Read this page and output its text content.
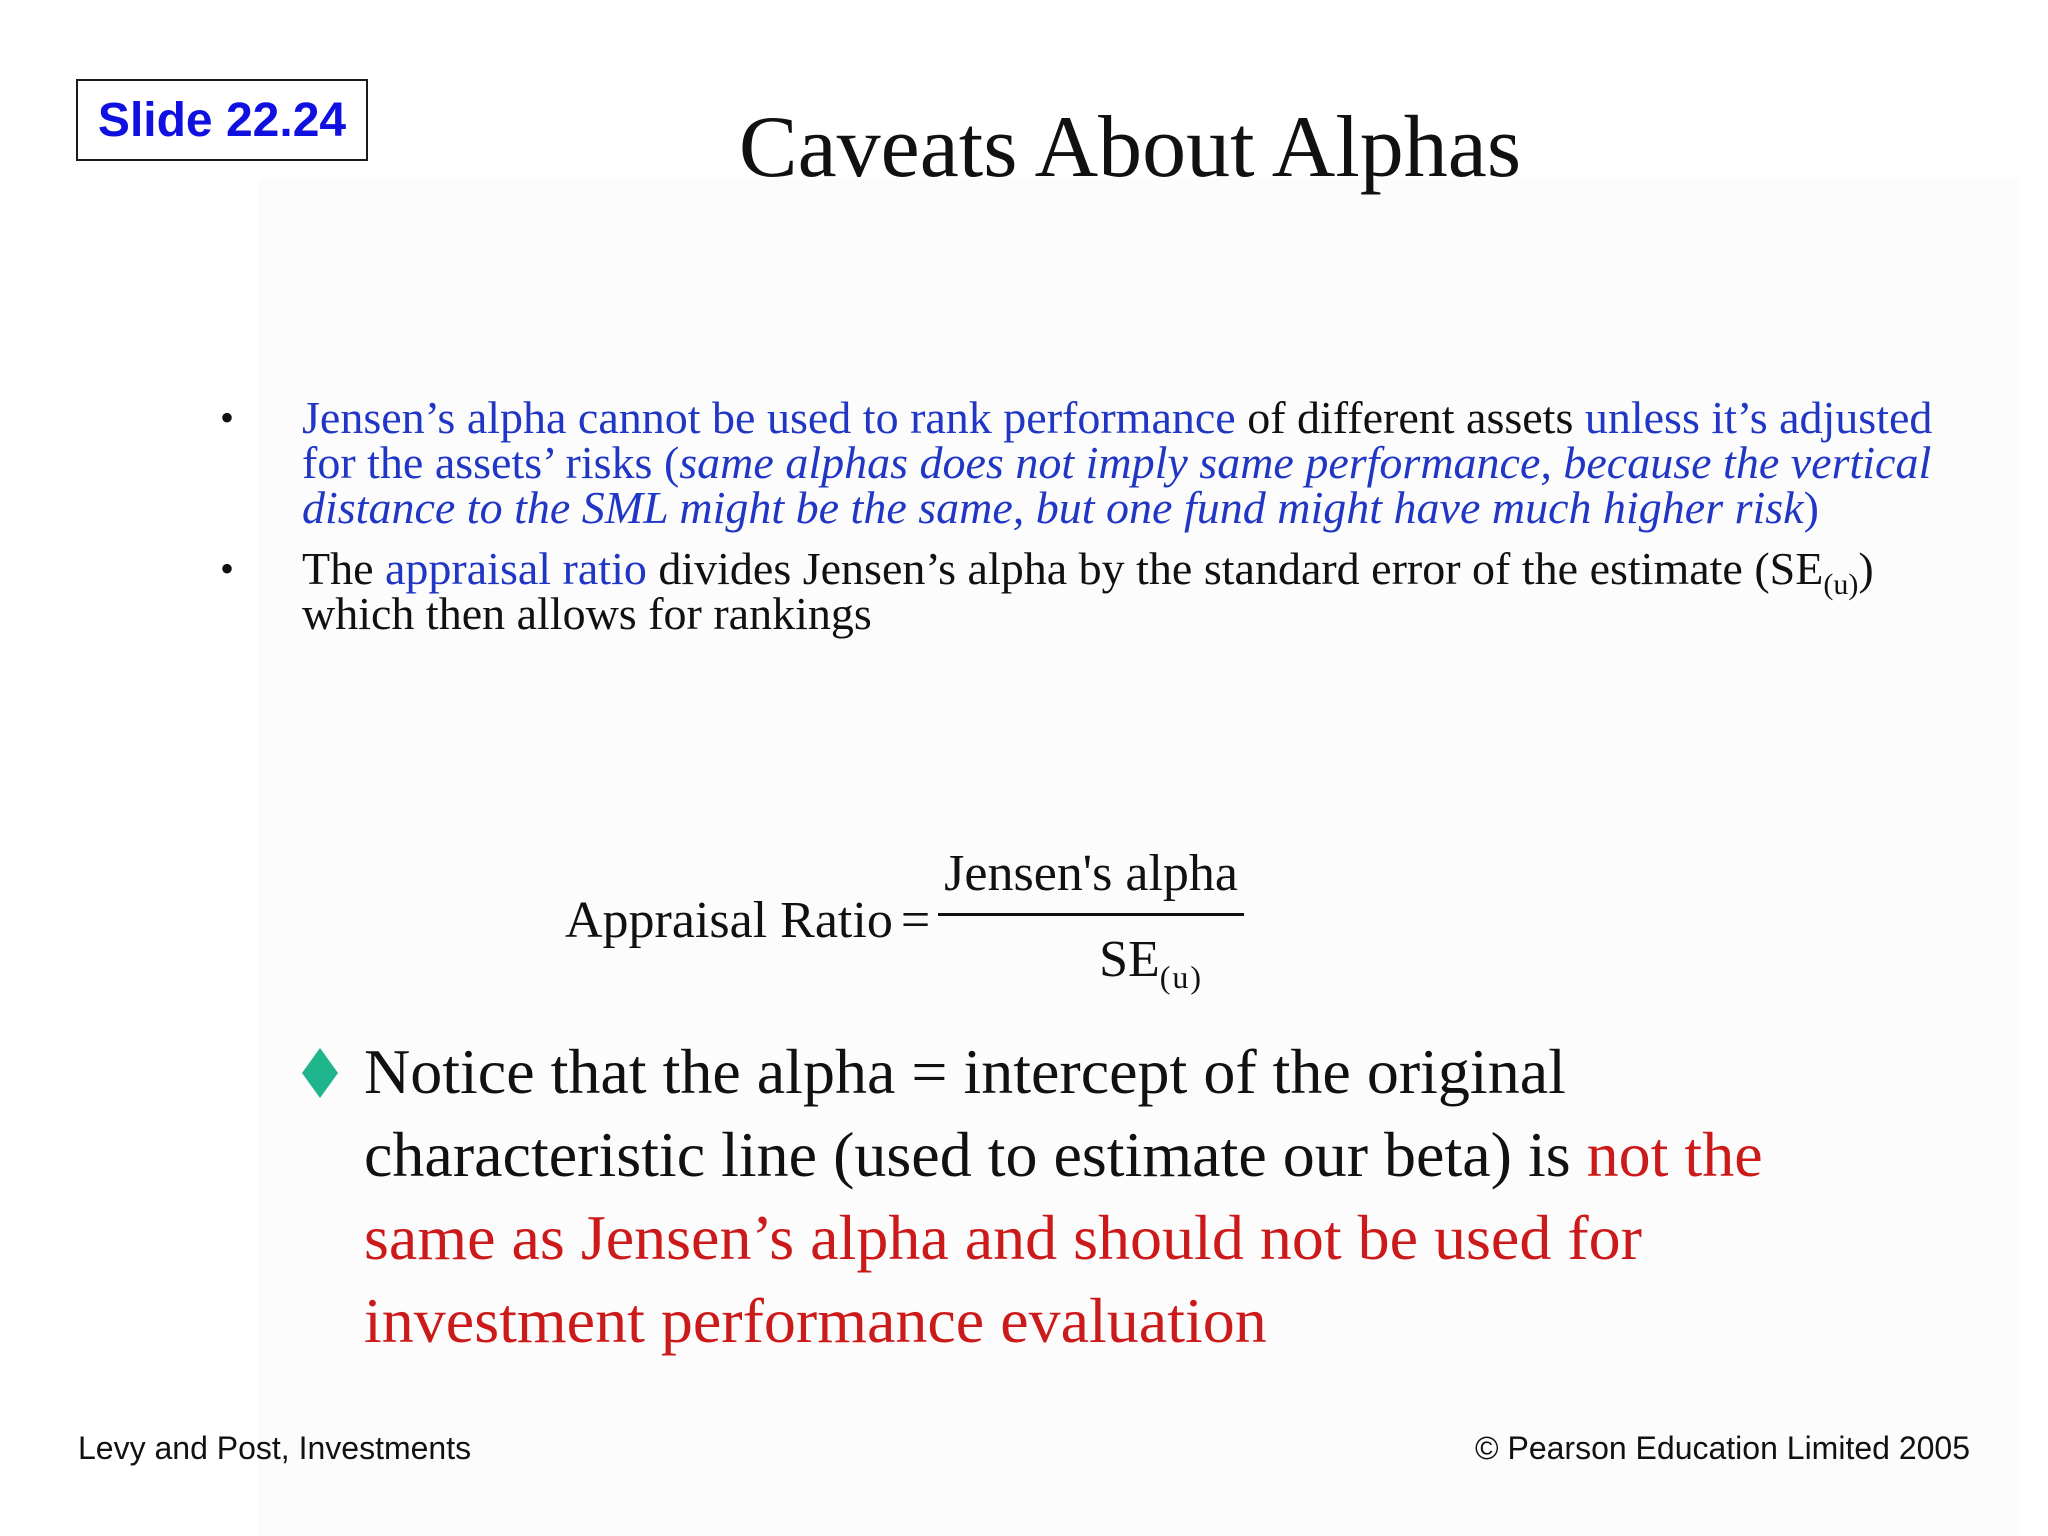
Slide 22.24	Caveats About Alphas
• Jensen’s alpha cannot be used to rank performance of different assets unless it’s adjusted for the assets’ risks (same alphas does not imply same performance, because the vertical distance to the SML might be the same, but one fund might have much higher risk)
• The appraisal ratio divides Jensen’s alpha by the standard error of the estimate $(SE_{(u)})$ which then allows for rankings
Appraisal Ratio = $\frac{\text{Jensen's alpha}}{SE_{(u)}}$
Notice that the alpha = intercept of the original characteristic line (used to estimate our beta) is not the same as Jensen’s alpha and should not be used for investment performance evaluation
Levy and Post, Investments	© Pearson Education Limited 2005
